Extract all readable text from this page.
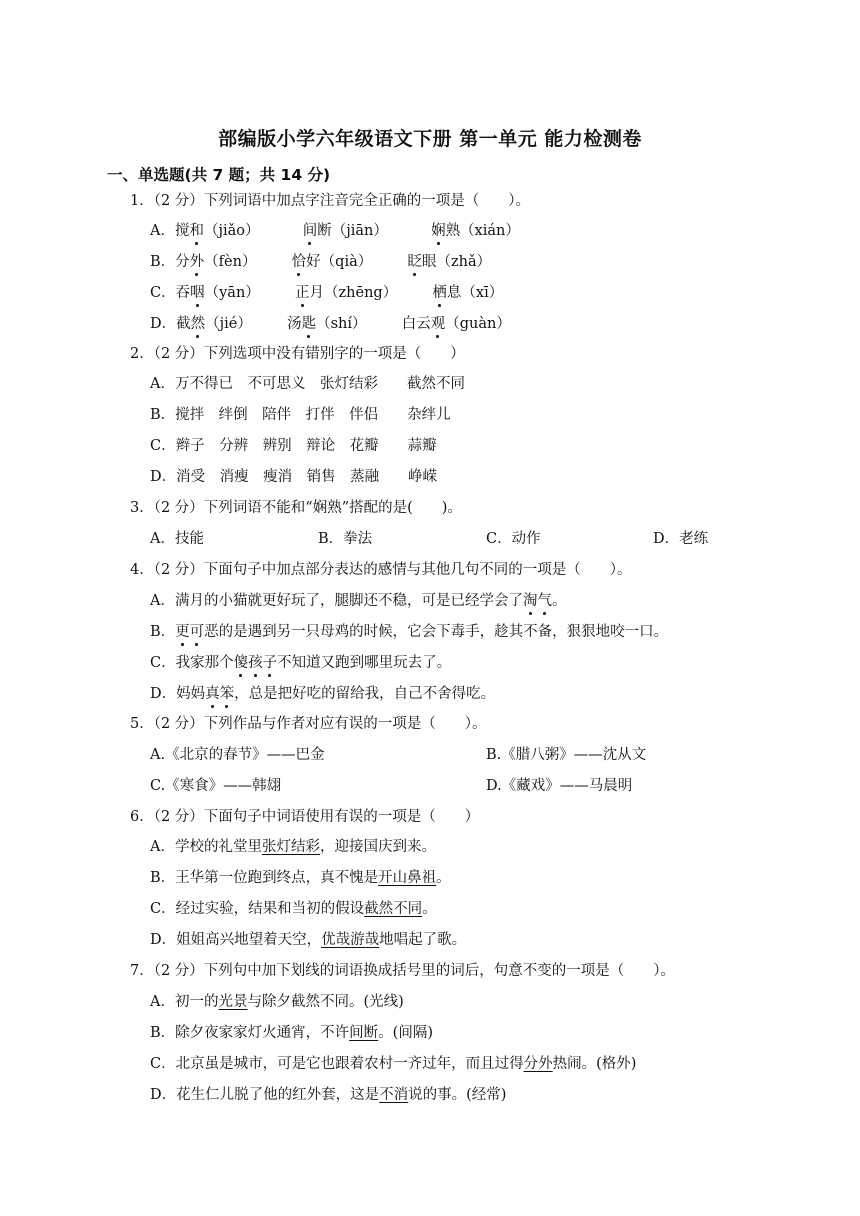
部编版小学六年级语文下册 第一单元 能力检测卷
一、单选题(共 7 题；共 14 分)
1．（2 分）下列词语中加点字注音完全正确的一项是（　　）。
A．搅和（jiǎo）	间断（jiān）	娴熟（xián）
B．分外（fèn） 恰好（qià） 眨眼（zhǎ）
C．吞咽（yān） 正月（zhēng） 栖息（xī）
D．截然（jié） 汤匙（shí） 白云观（guàn）
2．（2 分）下列选项中没有错别字的一项是（　　）
A．万不得已　不可思义　张灯结彩　　截然不同
B．搅拌　绊倒　陪伴　打伴　伴侣　　杂绊儿
C．辫子　分辨　辨别　辩论　花瓣　　蒜瓣
D．消受　消瘦　瘦消　销售　蒸融　　峥嵘
3．（2 分）下列词语不能和“娴熟”搭配的是(　　)。
A．技能	B．拳法	C．动作	D．老练
4．（2 分）下面句子中加点部分表达的感情与其他几句不同的一项是（　　）。
A．满月的小猫就更好玩了，腿脚还不稳，可是已经学会了淘气。
B．更可恶的是遇到另一只母鸡的时候，它会下毒手，趁其不备，狠狠地咬一口。
C．我家那个傻孩子不知道又跑到哪里玩去了。
D．妈妈真笨，总是把好吃的留给我，自己不舍得吃。
5．（2 分）下列作品与作者对应有误的一项是（　　）。
A.《北京的春节》——巴金	B.《腊八粥》——沈从文
C.《寒食》——韩翃	D.《藏戏》——马晨明
6．（2 分）下面句子中词语使用有误的一项是（　　）
A．学校的礼堂里张灯结彩，迎接国庆到来。
B．王华第一位跑到终点，真不愧是开山鼻祖。
C．经过实验，结果和当初的假设截然不同。
D．姐姐高兴地望着天空，优哉游哉地唱起了歌。
7．（2 分）下列句中加下划线的词语换成括号里的词后，句意不变的一项是（　　）。
A．初一的光景与除夕截然不同。(光线)
B．除夕夜家家灯火通宵，不许间断。(间隔)
C．北京虽是城市，可是它也跟着农村一齐过年，而且过得分外热闹。(格外)
D．花生仁儿脱了他的红外套，这是不消说的事。(经常)
